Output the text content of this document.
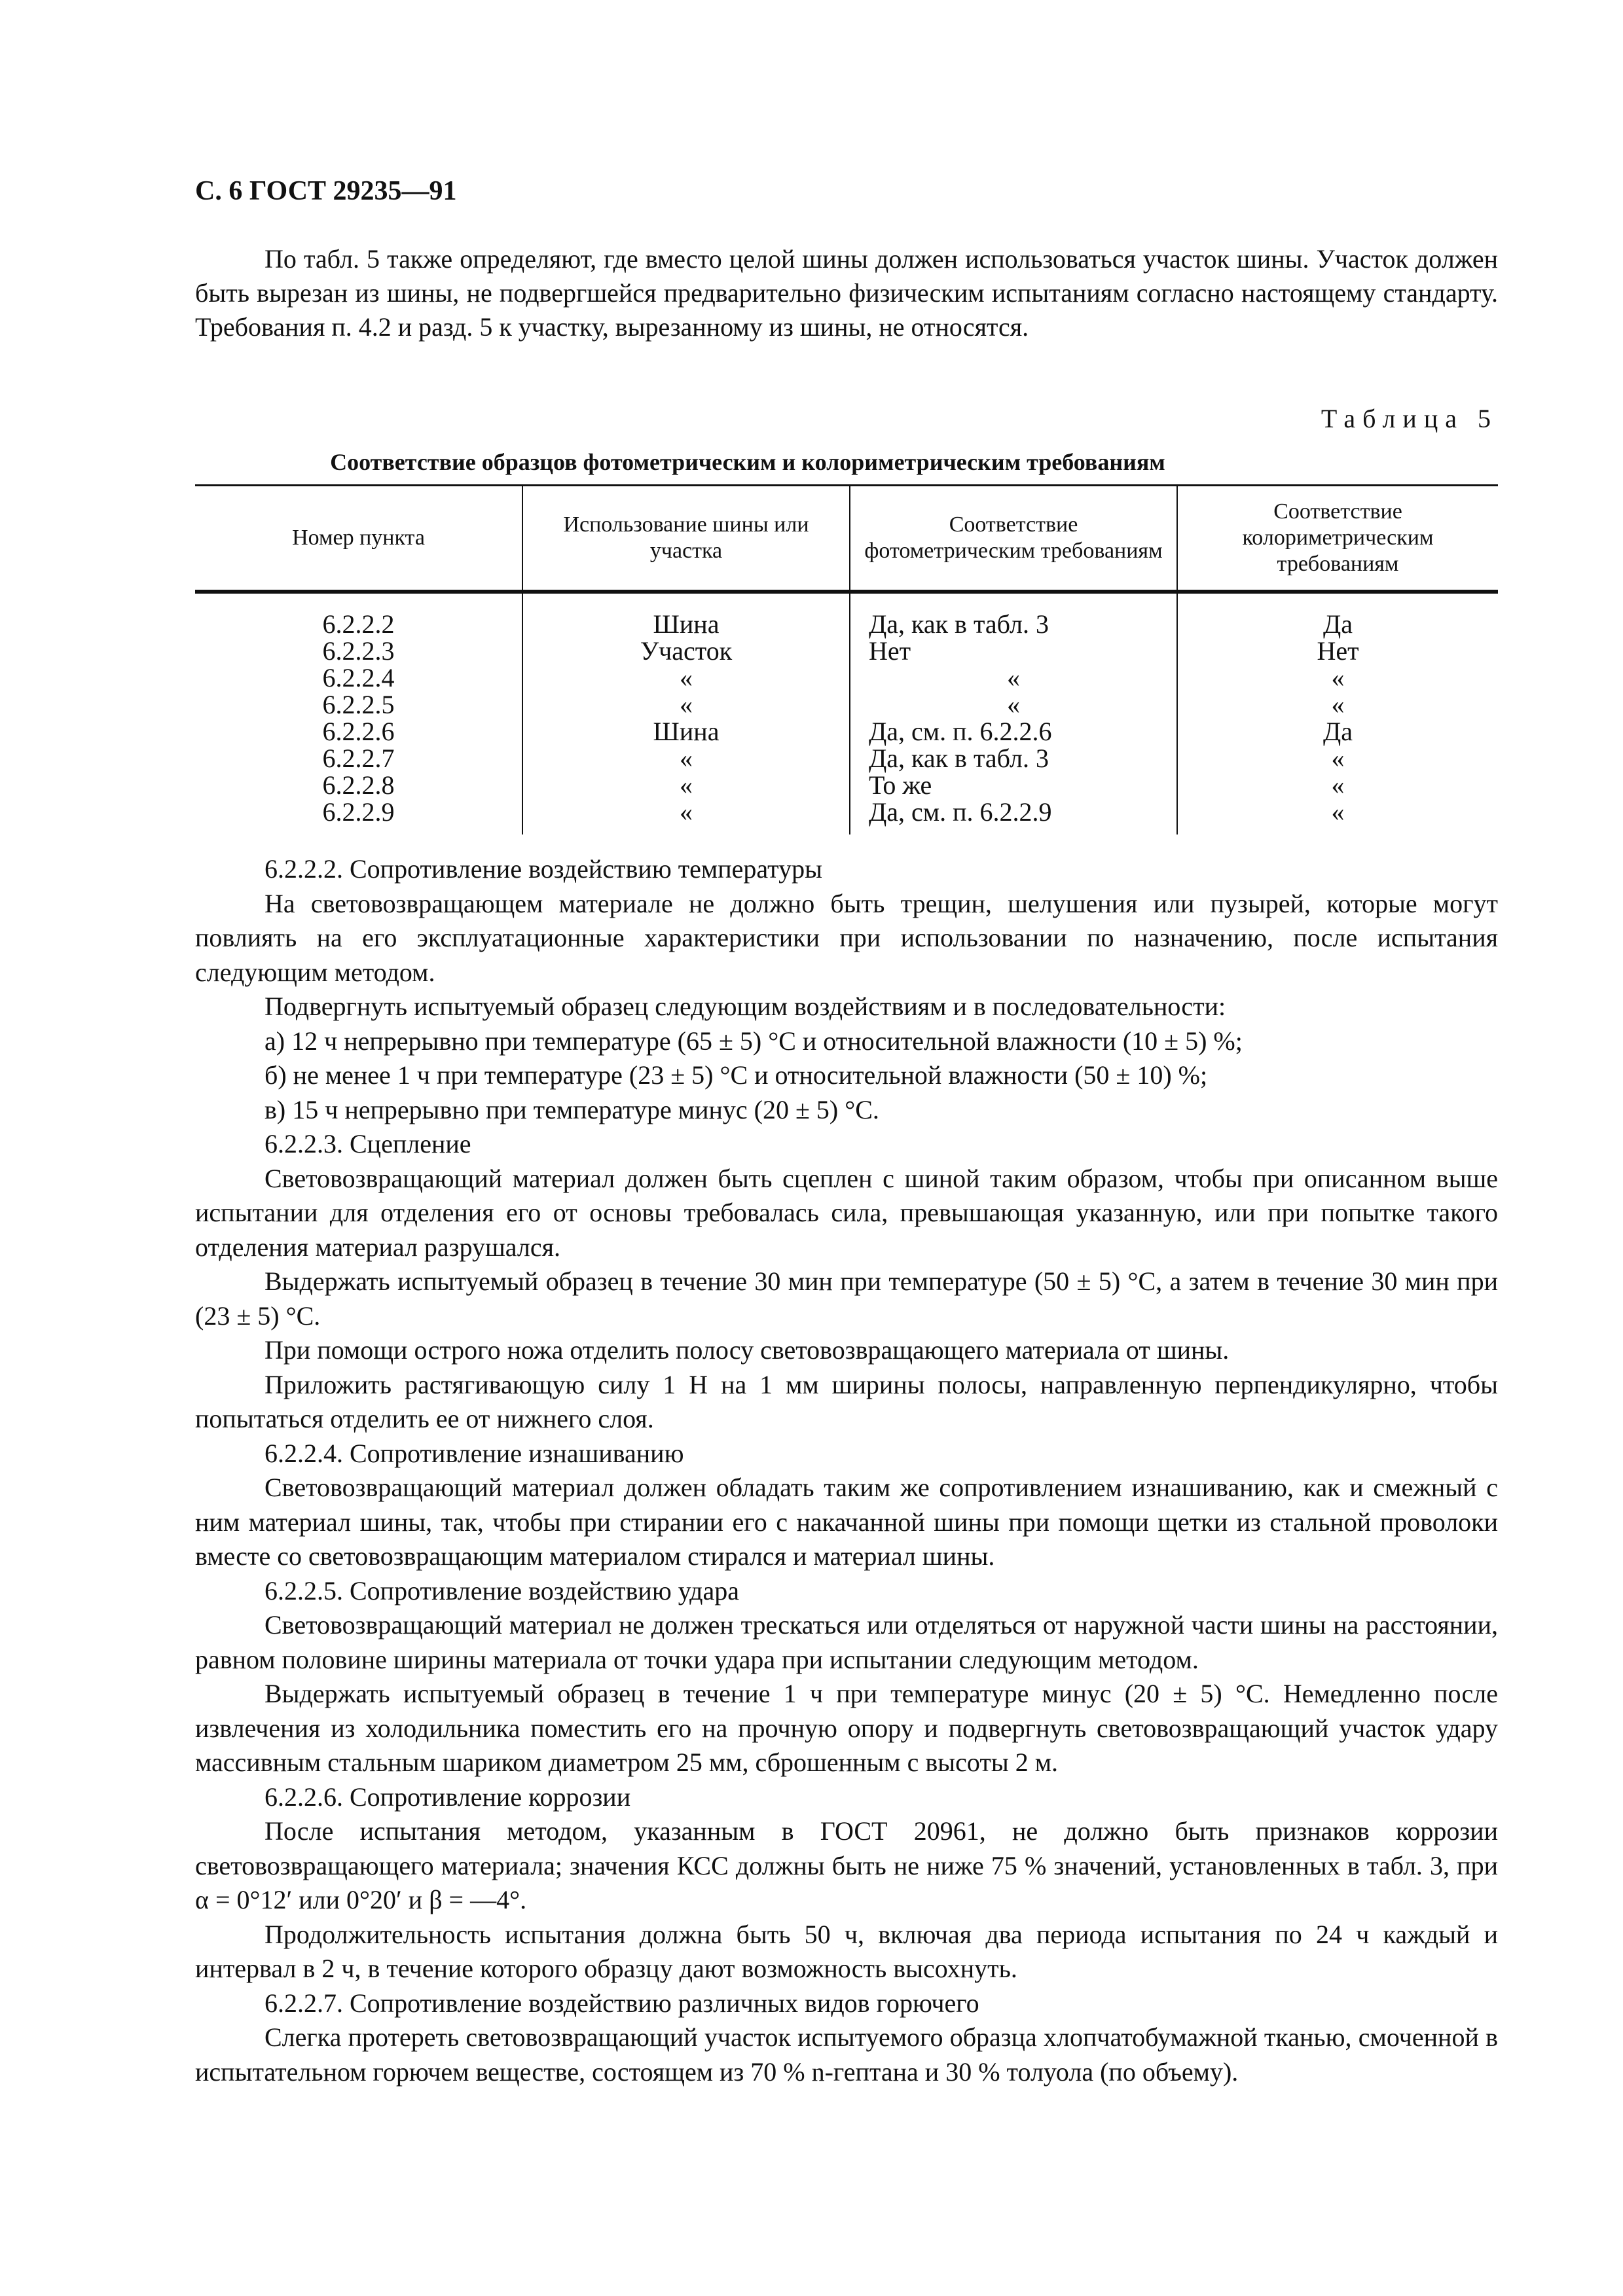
С. 6 ГОСТ 29235—91

По табл. 5 также определяют, где вместо целой шины должен использоваться участок шины. Участок должен быть вырезан из шины, не подвергшейся предварительно физическим испытаниям согласно настоящему стандарту. Требования п. 4.2 и разд. 5 к участку, вырезанному из шины, не относятся.

Таблица 5
Соответствие образцов фотометрическим и колориметрическим требованиям
Номер пункта	Использование шины или участка	Соответствие фотометрическим требованиям	Соответствие колориметрическим требованиям
6.2.2.2	Шина	Да, как в табл. 3	Да
6.2.2.3	Участок	Нет	Нет
6.2.2.4	«	«	«
6.2.2.5	«	«	«
6.2.2.6	Шина	Да, см. п. 6.2.2.6	Да
6.2.2.7	«	Да, как в табл. 3	«
6.2.2.8	«	То же	«
6.2.2.9	«	Да, см. п. 6.2.2.9	«

6.2.2.2. Сопротивление воздействию температуры

На световозвращающем материале не должно быть трещин, шелушения или пузырей, которые могут повлиять на его эксплуатационные характеристики при использовании по назначению, после испытания следующим методом.

Подвергнуть испытуемый образец следующим воздействиям и в последовательности:

а) 12 ч непрерывно при температуре (65 ± 5) °С и относительной влажности (10 ± 5) %;

б) не менее 1 ч при температуре (23 ± 5) °С и относительной влажности (50 ± 10) %;

в) 15 ч непрерывно при температуре минус (20 ± 5) °С.

6.2.2.3. Сцепление

Световозвращающий материал должен быть сцеплен с шиной таким образом, чтобы при описанном выше испытании для отделения его от основы требовалась сила, превышающая указанную, или при попытке такого отделения материал разрушался.

Выдержать испытуемый образец в течение 30 мин при температуре (50 ± 5) °С, а затем в течение 30 мин при (23 ± 5) °С.

При помощи острого ножа отделить полосу световозвращающего материала от шины.

Приложить растягивающую силу 1 Н на 1 мм ширины полосы, направленную перпендикулярно, чтобы попытаться отделить ее от нижнего слоя.

6.2.2.4. Сопротивление изнашиванию

Световозвращающий материал должен обладать таким же сопротивлением изнашиванию, как и смежный с ним материал шины, так, чтобы при стирании его с накачанной шины при помощи щетки из стальной проволоки вместе со световозвращающим материалом стирался и материал шины.

6.2.2.5. Сопротивление воздействию удара

Световозвращающий материал не должен трескаться или отделяться от наружной части шины на расстоянии, равном половине ширины материала от точки удара при испытании следующим методом.

Выдержать испытуемый образец в течение 1 ч при температуре минус (20 ± 5) °С. Немедленно после извлечения из холодильника поместить его на прочную опору и подвергнуть световозвращающий участок удару массивным стальным шариком диаметром 25 мм, сброшенным с высоты 2 м.

6.2.2.6. Сопротивление коррозии

После испытания методом, указанным в ГОСТ 20961, не должно быть признаков коррозии световозвращающего материала; значения КСС должны быть не ниже 75 % значений, установленных в табл. 3, при α = 0°12′ или 0°20′ и β = —4°.

Продолжительность испытания должна быть 50 ч, включая два периода испытания по 24 ч каждый и интервал в 2 ч, в течение которого образцу дают возможность высохнуть.

6.2.2.7. Сопротивление воздействию различных видов горючего

Слегка протереть световозвращающий участок испытуемого образца хлопчатобумажной тканью, смоченной в испытательном горючем веществе, состоящем из 70 % n-гептана и 30 % толуола (по объему).
